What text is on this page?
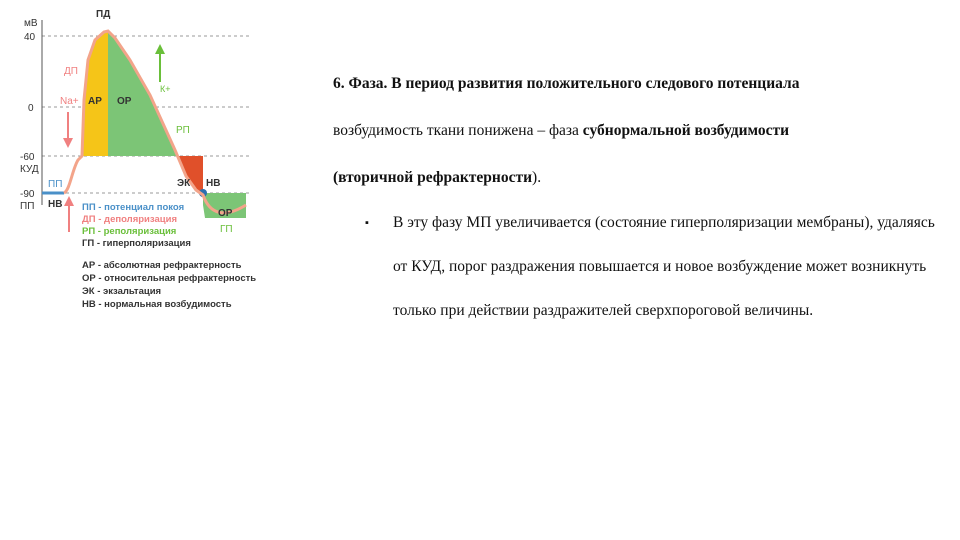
мВ
40
0
-60
КУД
-90
ПП
ПД
ДП
Na+ АР ОР
К+
РП
ЭК НВ
ОР
ГП
ПП
НВ ПП - потенциал покоя
ДП - деполяризация
РП - реполяризация
ГП - гиперполяризация
АР - абсолютная рефрактерность
ОР - относительная рефрактерность
ЭК - экзальтация
НВ - нормальная возбудимость

6. Фаза. В период развития положительного следового потенциала

возбудимость ткани понижена – фаза субнормальной возбудимости

(вторичной рефрактерности).

▪	В эту фазу МП увеличивается (состояние гиперполяризации мембраны), удаляясь от КУД, порог раздражения повышается и новое возбуждение может возникнуть только при действии раздражителей сверхпороговой величины.
